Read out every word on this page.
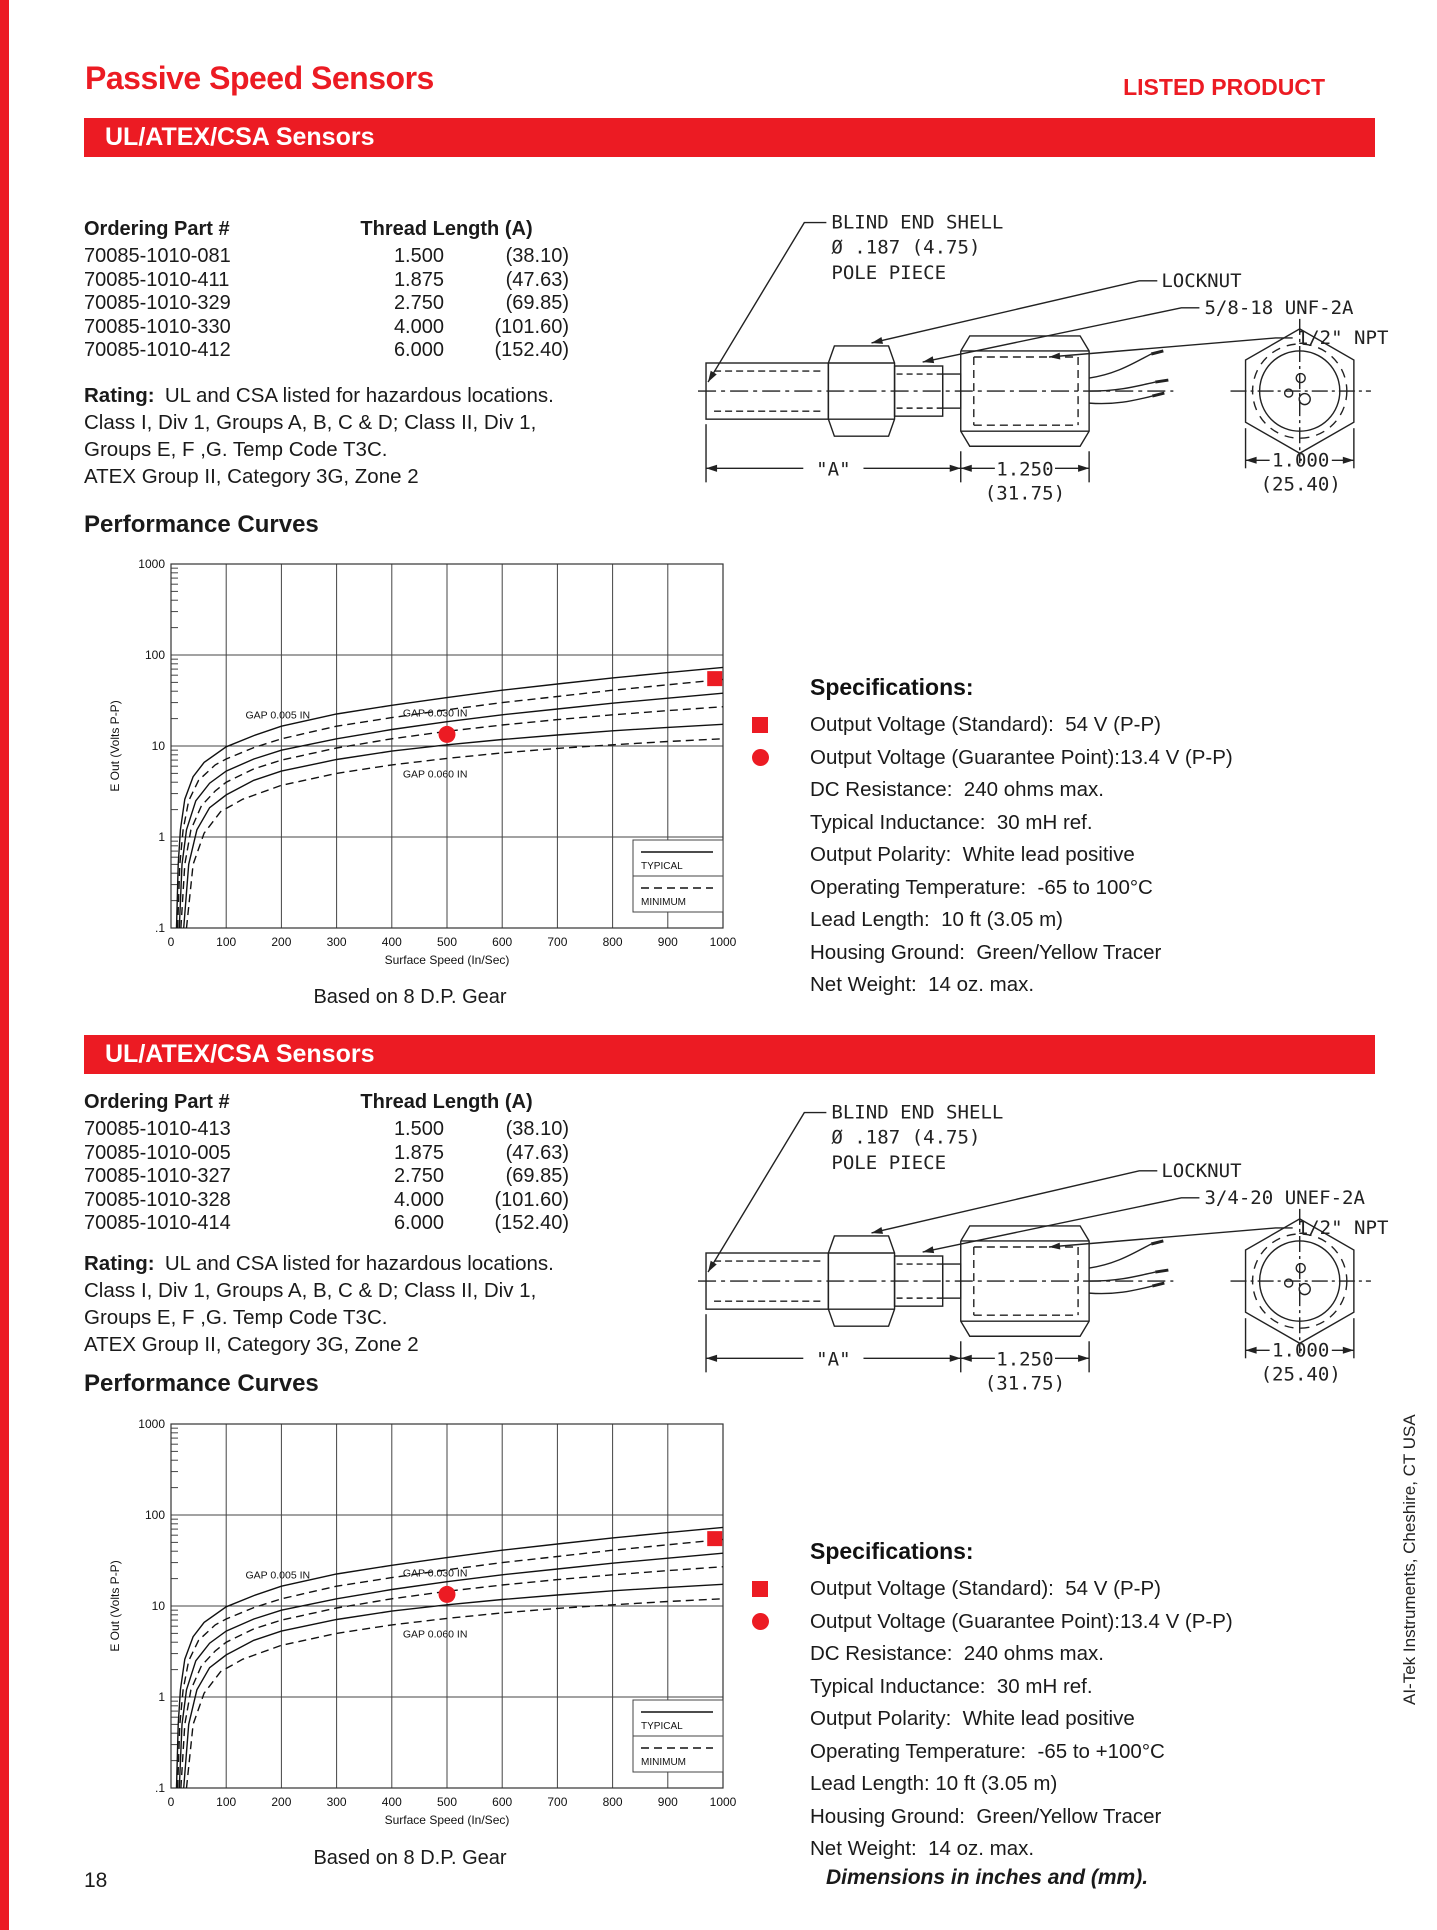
Passive Speed Sensors	LISTED PRODUCT
UL/ATEX/CSA Sensors
Ordering Part #	Thread Length (A)
70085-1010-081	1.500	(38.10)
70085-1010-411	1.875	(47.63)
70085-1010-329	2.750	(69.85)
70085-1010-330	4.000	(101.60)
70085-1010-412	6.000	(152.40)
Rating: UL and CSA listed for hazardous locations.
Class I, Div 1, Groups A, B, C & D; Class II, Div 1,
Groups E, F ,G. Temp Code T3C.
ATEX Group II, Category 3G, Zone 2
Performance Curves
0	100	200	300	400	500	600	700	800	900	1000
1000
100
10
1
.1
GAP 0.005 IN	GAP 0.030 IN
GAP 0.060 IN
TYPICAL
MINIMUM
Surface Speed (In/Sec)
E Out (Volts P-P)
Based on 8 D.P. Gear
BLIND END SHELL
Ø .187 (4.75)
POLE PIECE	LOCKNUT
5/8-18 UNF-2A
1/2" NPT
"A"	1.250
(31.75)
1.000
(25.40)
Specifications:
Output Voltage (Standard):  54 V (P-P)
Output Voltage (Guarantee Point):13.4 V (P-P)
DC Resistance:  240 ohms max.
Typical Inductance:  30 mH ref.
Output Polarity:  White lead positive
Operating Temperature:  -65 to 100°C
Lead Length:  10 ft (3.05 m)
Housing Ground:  Green/Yellow Tracer
Net Weight:  14 oz. max.
UL/ATEX/CSA Sensors
Ordering Part #	Thread Length (A)
70085-1010-413	1.500	(38.10)
70085-1010-005	1.875	(47.63)
70085-1010-327	2.750	(69.85)
70085-1010-328	4.000	(101.60)
70085-1010-414	6.000	(152.40)
Rating: UL and CSA listed for hazardous locations.
Class I, Div 1, Groups A, B, C & D; Class II, Div 1,
Groups E, F ,G. Temp Code T3C.
ATEX Group II, Category 3G, Zone 2
Performance Curves
0	100	200	300	400	500	600	700	800	900	1000
1000
100
10
1
.1
GAP 0.005 IN	GAP 0.030 IN
GAP 0.060 IN
TYPICAL
MINIMUM
Surface Speed (In/Sec)
E Out (Volts P-P)
Based on 8 D.P. Gear
BLIND END SHELL
Ø .187 (4.75)
POLE PIECE	LOCKNUT
3/4-20 UNEF-2A
1/2" NPT
"A"	1.250
(31.75)
1.000
(25.40)
Specifications:
Output Voltage (Standard):  54 V (P-P)
Output Voltage (Guarantee Point):13.4 V (P-P)
DC Resistance:  240 ohms max.
Typical Inductance:  30 mH ref.
Output Polarity:  White lead positive
Operating Temperature:  -65 to +100°C
Lead Length: 10 ft (3.05 m)
Housing Ground:  Green/Yellow Tracer
Net Weight:  14 oz. max.
18	Dimensions in inches and (mm).
AI-Tek Instruments, Cheshire, CT USA
